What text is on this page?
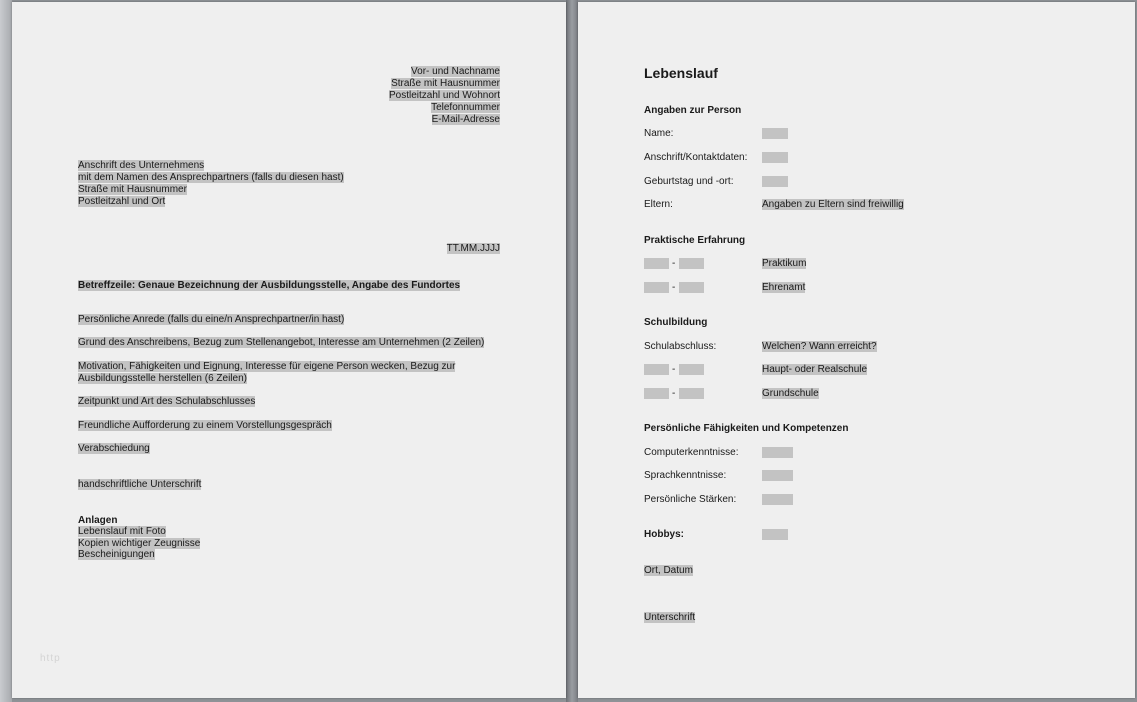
Vor- und Nachname
Straße mit Hausnummer
Postleitzahl und Wohnort
Telefonnummer
E-Mail-Adresse
Anschrift des Unternehmens
mit dem Namen des Ansprechpartners (falls du diesen hast)
Straße mit Hausnummer
Postleitzahl und Ort
TT.MM.JJJJ
Betreffzeile: Genaue Bezeichnung der Ausbildungsstelle, Angabe des Fundortes
Persönliche Anrede (falls du eine/n Ansprechpartner/in hast)
Grund des Anschreibens, Bezug zum Stellenangebot, Interesse am Unternehmen (2 Zeilen)
Motivation, Fähigkeiten und Eignung, Interesse für eigene Person wecken, Bezug zur
Ausbildungsstelle herstellen (6 Zeilen)
Zeitpunkt und Art des Schulabschlusses
Freundliche Aufforderung zu einem Vorstellungsgespräch
Verabschiedung
handschriftliche Unterschrift
Anlagen
Lebenslauf mit Foto
Kopien wichtiger Zeugnisse
Bescheinigungen
http
Lebenslauf
Angaben zur Person
Name:
Anschrift/Kontaktdaten:
Geburtstag und -ort:
Eltern:	Angaben zu Eltern sind freiwillig
Praktische Erfahrung
-	Praktikum
-	Ehrenamt
Schulbildung
Schulabschluss:	Welchen? Wann erreicht?
-	Haupt- oder Realschule
-	Grundschule
Persönliche Fähigkeiten und Kompetenzen
Computerkenntnisse:
Sprachkenntnisse:
Persönliche Stärken:
Hobbys:
Ort, Datum
Unterschrift
